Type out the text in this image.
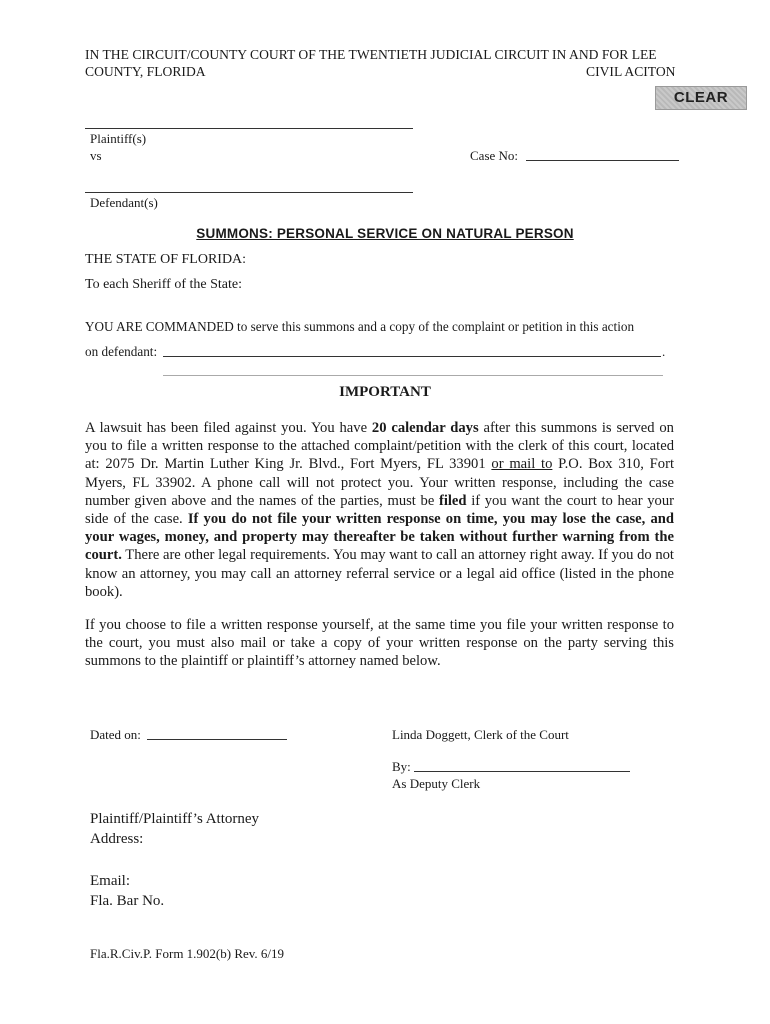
IN THE CIRCUIT/COUNTY COURT OF THE TWENTIETH JUDICIAL CIRCUIT IN AND FOR LEE
COUNTY, FLORIDA	CIVIL ACITON
CLEAR
Plaintiff(s)
vs	Case No:
Defendant(s)
SUMMONS: PERSONAL SERVICE ON NATURAL PERSON
THE STATE OF FLORIDA:
To each Sheriff of the State:
YOU ARE COMMANDED to serve this summons and a copy of the complaint or petition in this action
on defendant:	.
IMPORTANT
A lawsuit has been filed against you. You have 20 calendar days after this summons is served on you to file a written response to the attached complaint/petition with the clerk of this court, located at: 2075 Dr. Martin Luther King Jr. Blvd., Fort Myers, FL 33901 or mail to P.O. Box 310, Fort Myers, FL 33902. A phone call will not protect you. Your written response, including the case number given above and the names of the parties, must be filed if you want the court to hear your side of the case. If you do not file your written response on time, you may lose the case, and your wages, money, and property may thereafter be taken without further warning from the court. There are other legal requirements. You may want to call an attorney right away. If you do not know an attorney, you may call an attorney referral service or a legal aid office (listed in the phone book).
If you choose to file a written response yourself, at the same time you file your written response to the court, you must also mail or take a copy of your written response on the party serving this summons to the plaintiff or plaintiff’s attorney named below.
Dated on:	Linda Doggett, Clerk of the Court
By:
As Deputy Clerk
Plaintiff/Plaintiff’s Attorney
Address:
Email:
Fla. Bar No.
Fla.R.Civ.P. Form 1.902(b) Rev. 6/19
